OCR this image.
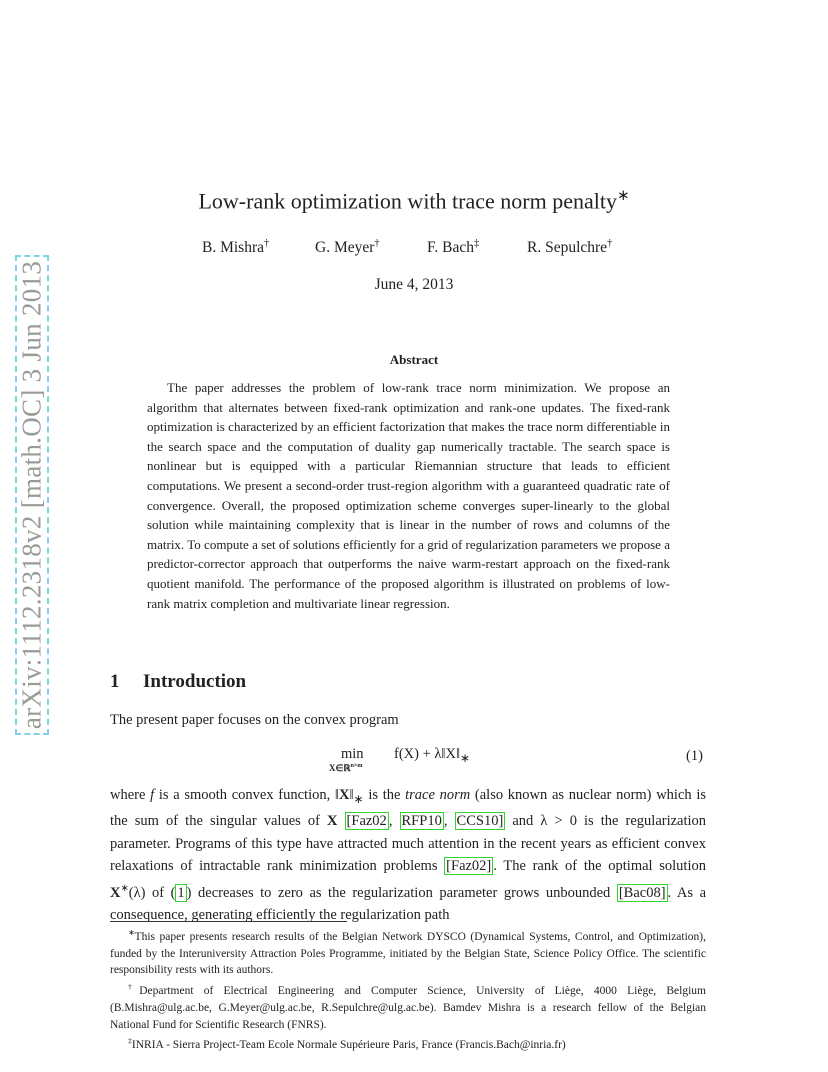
arXiv:1112.2318v2 [math.OC] 3 Jun 2013
Low-rank optimization with trace norm penalty∗
B. Mishra†	G. Meyer†	F. Bach‡	R. Sepulchre†
June 4, 2013
Abstract
The paper addresses the problem of low-rank trace norm minimization. We propose an algorithm that alternates between fixed-rank optimization and rank-one updates. The fixed-rank optimization is characterized by an efficient factorization that makes the trace norm differentiable in the search space and the computation of duality gap numerically tractable. The search space is nonlinear but is equipped with a particular Riemannian structure that leads to efficient computations. We present a second-order trust-region algorithm with a guaranteed quadratic rate of convergence. Overall, the proposed optimization scheme converges super-linearly to the global solution while maintaining complexity that is linear in the number of rows and columns of the matrix. To compute a set of solutions efficiently for a grid of regularization parameters we propose a predictor-corrector approach that outperforms the naive warm-restart approach on the fixed-rank quotient manifold. The performance of the proposed algorithm is illustrated on problems of low-rank matrix completion and multivariate linear regression.
1 Introduction
The present paper focuses on the convex program
min
X∈ℝ$^{n\times m}$
$f(X) + \lambda‖X‖_∗$	(1)
where f is a smooth convex function, $‖X‖_∗$ is the trace norm (also known as nuclear norm) which is the sum of the singular values of X [Faz02 , RFP10 , CCS10] and λ > 0 is the regularization parameter. Programs of this type have attracted much attention in the recent years as efficient convex relaxations of intractable rank minimization problems [Faz02] . The rank of the optimal solution X∗(λ) of ( 1 ) decreases to zero as the regularization parameter grows unbounded [Bac08] . As a consequence, generating efficiently the regularization path

∗This paper presents research results of the Belgian Network DYSCO (Dynamical Systems, Control, and Optimization), funded by the Interuniversity Attraction Poles Programme, initiated by the Belgian State, Science Policy Office. The scientific responsibility rests with its authors.

†Department of Electrical Engineering and Computer Science, University of Liège, 4000 Liège, Belgium (B.Mishra@ulg.ac.be, G.Meyer@ulg.ac.be, R.Sepulchre@ulg.ac.be). Bamdev Mishra is a research fellow of the Belgian National Fund for Scientific Research (FNRS).

‡INRIA - Sierra Project-Team Ecole Normale Supérieure Paris, France (Francis.Bach@inria.fr)
